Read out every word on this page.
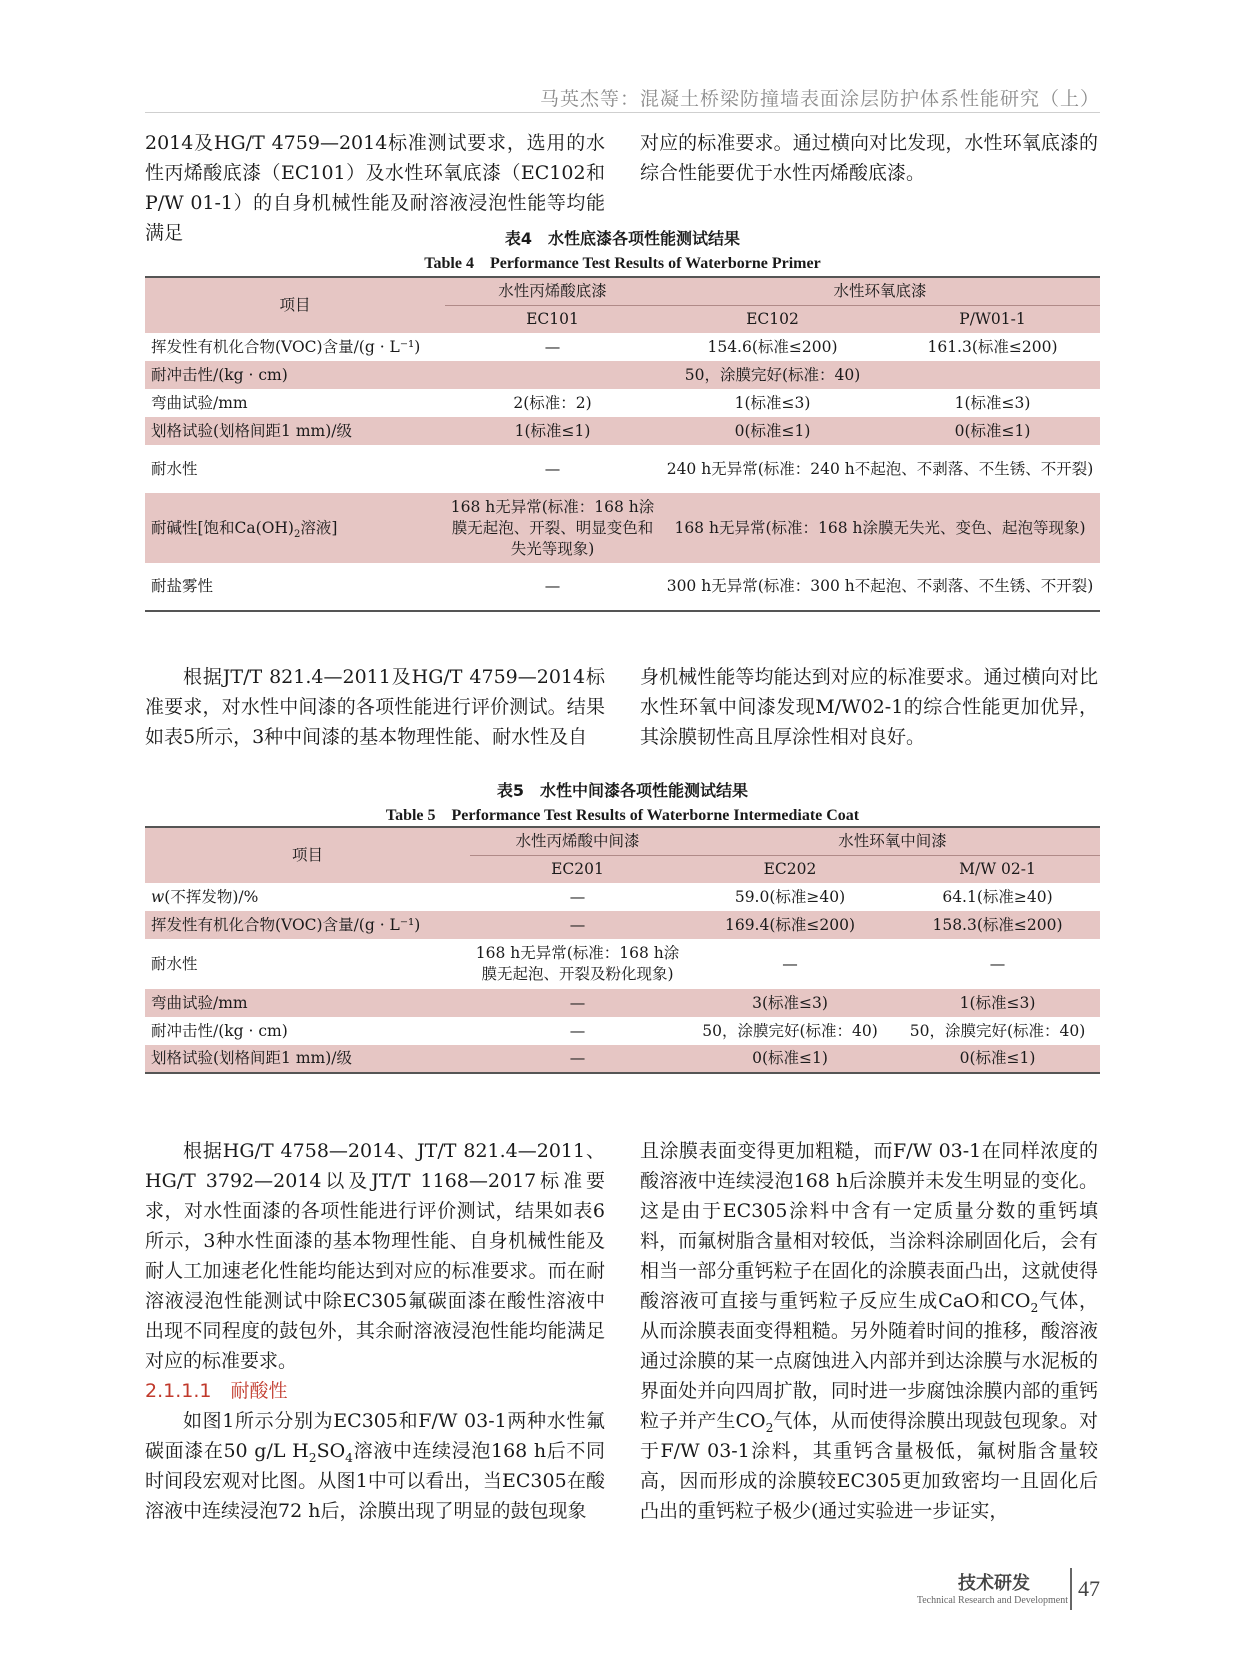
马英杰等：混凝土桥梁防撞墙表面涂层防护体系性能研究（上）

2014及HG/T 4759—2014标准测试要求，选用的水性丙烯酸底漆（EC101）及水性环氧底漆（EC102和P/W 01-1）的自身机械性能及耐溶液浸泡性能等均能满足

对应的标准要求。通过横向对比发现，水性环氧底漆的综合性能要优于水性丙烯酸底漆。

表4　水性底漆各项性能测试结果
Table 4　Performance Test Results of Waterborne Primer
项目	水性丙烯酸底漆	水性环氧底漆	
	EC101	EC102	P/W01-1
挥发性有机化合物(VOC)含量/(g · L⁻¹)	—	154.6(标准≤200)	161.3(标准≤200)
耐冲击性/(kg · cm)	50，涂膜完好(标准：40)		
弯曲试验/mm	2(标准：2)	1(标准≤3)	1(标准≤3)
划格试验(划格间距1 mm)/级	1(标准≤1)	0(标准≤1)	0(标准≤1)
耐水性	—	240 h无异常(标准：240 h不起泡、不剥落、不生锈、不开裂)	
耐碱性[饱和$Ca(OH)_2$溶液]	168 h无异常(标准：168 h涂膜无起泡、开裂、明显变色和失光等现象)	168 h无异常(标准：168 h涂膜无失光、变色、起泡等现象)	
耐盐雾性	—	300 h无异常(标准：300 h不起泡、不剥落、不生锈、不开裂)	

根据JT/T 821.4—2011及HG/T 4759—2014标准要求，对水性中间漆的各项性能进行评价测试。结果如表5所示，3种中间漆的基本物理性能、耐水性及自

身机械性能等均能达到对应的标准要求。通过横向对比水性环氧中间漆发现M/W02-1的综合性能更加优异，其涂膜韧性高且厚涂性相对良好。

表5　水性中间漆各项性能测试结果
Table 5　Performance Test Results of Waterborne Intermediate Coat
项目	水性丙烯酸中间漆	水性环氧中间漆	
	EC201	EC202	M/W 02-1
w(不挥发物)/%	—	59.0(标准≥40)	64.1(标准≥40)
挥发性有机化合物(VOC)含量/(g · L⁻¹)	—	169.4(标准≤200)	158.3(标准≤200)
耐水性	168 h无异常(标准：168 h涂膜无起泡、开裂及粉化现象)	—	—
弯曲试验/mm	—	3(标准≤3)	1(标准≤3)
耐冲击性/(kg · cm)	—	50，涂膜完好(标准：40)	50，涂膜完好(标准：40)
划格试验(划格间距1 mm)/级	—	0(标准≤1)	0(标准≤1)

根据HG/T 4758—2014、JT/T 821.4—2011、HG/T 3792—2014以及JT/T 1168—2017标准要求，对水性面漆的各项性能进行评价测试，结果如表6所示，3种水性面漆的基本物理性能、自身机械性能及耐人工加速老化性能均能达到对应的标准要求。而在耐溶液浸泡性能测试中除EC305氟碳面漆在酸性溶液中出现不同程度的鼓包外，其余耐溶液浸泡性能均能满足对应的标准要求。

2.1.1.1　耐酸性

如图1所示分别为EC305和F/W 03-1两种水性氟碳面漆在50 g/L $H_2SO_4$溶液中连续浸泡168 h后不同时间段宏观对比图。从图1中可以看出，当EC305在酸溶液中连续浸泡72 h后，涂膜出现了明显的鼓包现象

且涂膜表面变得更加粗糙，而F/W 03-1在同样浓度的酸溶液中连续浸泡168 h后涂膜并未发生明显的变化。这是由于EC305涂料中含有一定质量分数的重钙填料，而氟树脂含量相对较低，当涂料涂刷固化后，会有相当一部分重钙粒子在固化的涂膜表面凸出，这就使得酸溶液可直接与重钙粒子反应生成CaO和$CO_2$气体，从而涂膜表面变得粗糙。另外随着时间的推移，酸溶液通过涂膜的某一点腐蚀进入内部并到达涂膜与水泥板的界面处并向四周扩散，同时进一步腐蚀涂膜内部的重钙粒子并产生$CO_2$气体，从而使得涂膜出现鼓包现象。对于F/W 03-1涂料，其重钙含量极低，氟树脂含量较高，因而形成的涂膜较EC305更加致密均一且固化后凸出的重钙粒子极少(通过实验进一步证实，

技术研发
Technical Research and Development 47
